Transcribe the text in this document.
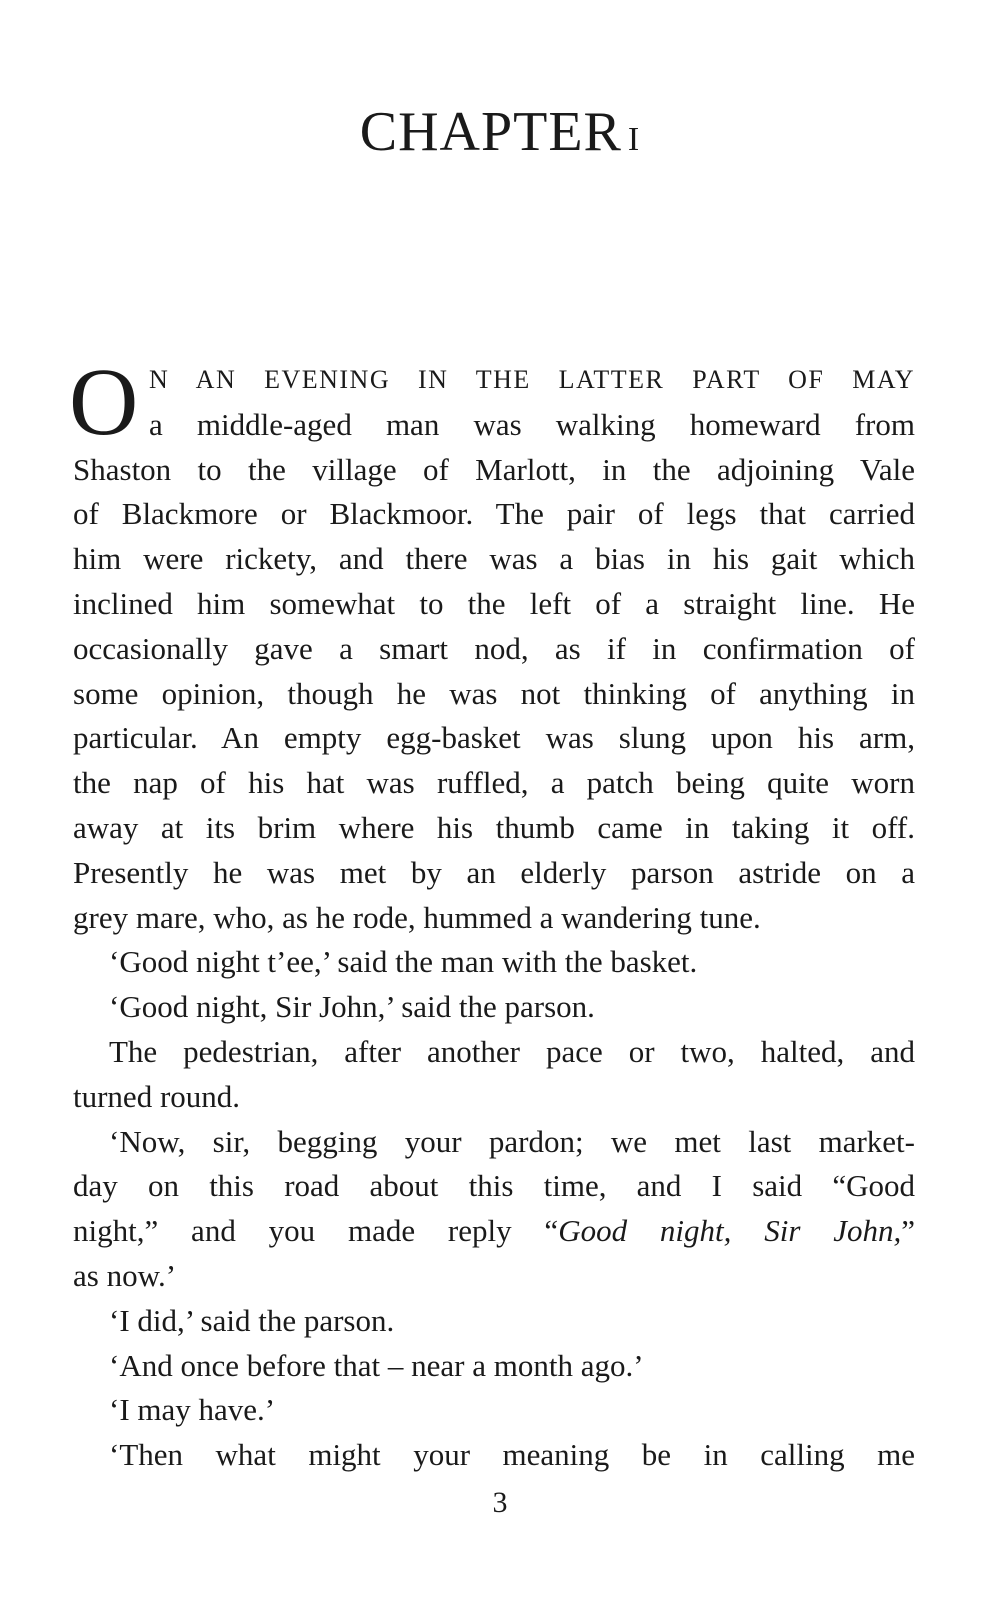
CHAPTER I
O N AN EVENING IN THE LATTER PART OF MAY
a middle-aged man was walking homeward from
Shaston to the village of Marlott, in the adjoining Vale
of Blackmore or Blackmoor. The pair of legs that carried
him were rickety, and there was a bias in his gait which
inclined him somewhat to the left of a straight line. He
occasionally gave a smart nod, as if in confirmation of
some opinion, though he was not thinking of anything in
particular. An empty egg-basket was slung upon his arm,
the nap of his hat was ruffled, a patch being quite worn
away at its brim where his thumb came in taking it off.
Presently he was met by an elderly parson astride on a
grey mare, who, as he rode, hummed a wandering tune.
‘Good night t’ee,’ said the man with the basket.
‘Good night, Sir John,’ said the parson.
The pedestrian, after another pace or two, halted, and
turned round.
‘Now, sir, begging your pardon; we met last market-
day on this road about this time, and I said “Good
night,” and you made reply “Good night, Sir John,”
as now.’
‘I did,’ said the parson.
‘And once before that – near a month ago.’
‘I may have.’
‘Then what might your meaning be in calling me
3
